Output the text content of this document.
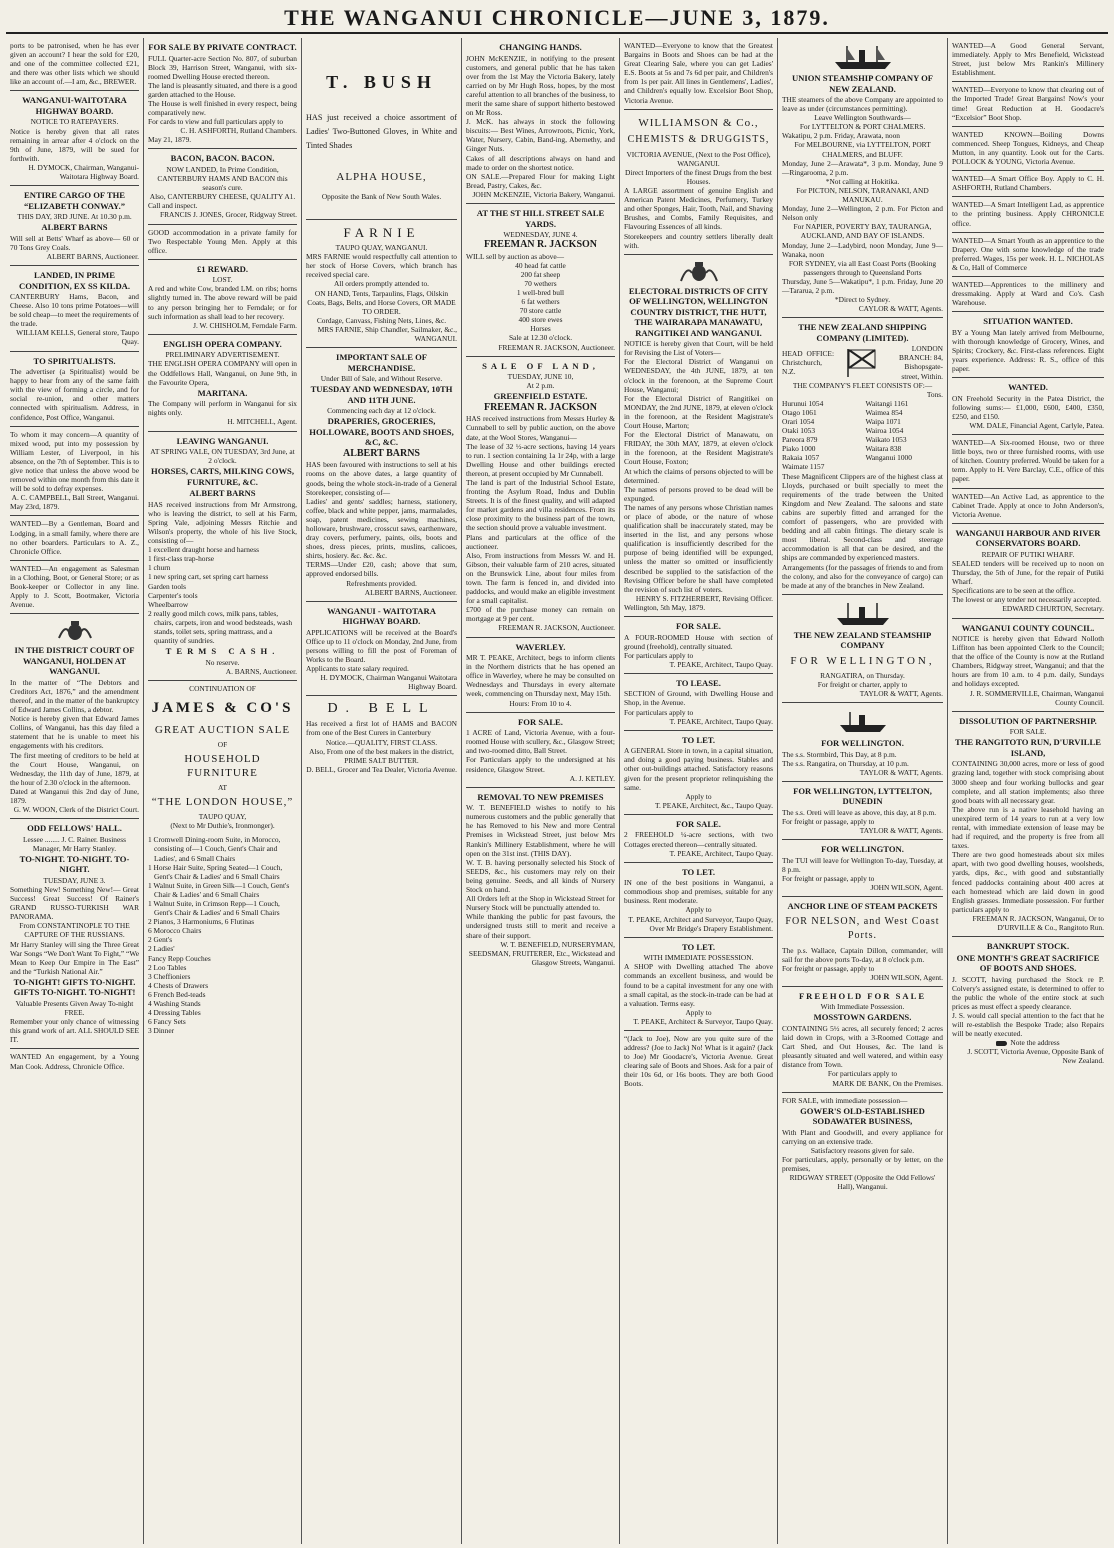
THE WANGANUI CHRONICLE—JUNE 3, 1879.

ports to be patronised, when he has ever given an account? I hear the sold for £20, and one of the committee collected £21, and there was other lists which we should like an account of.—I am, &c., BREWER.

WANGANUI-WAITOTARA HIGHWAY BOARD.
NOTICE TO RATEPAYERS.

Notice is hereby given that all rates remaining in arrear after 4 o'clock on the 9th of June, 1879, will be sued for forthwith.

H. DYMOCK, Chairman, Wanganui-Waitotara Highway Board.

ENTIRE CARGO OF THE “ELIZABETH CONWAY.”
THIS DAY, 3RD JUNE. At 10.30 p.m.
ALBERT BARNS

Will sell at Betts' Wharf as above— 60 or 70 Tons Grey Coals.

ALBERT BARNS, Auctioneer.

LANDED, IN PRIME CONDITION, EX SS KILDA.

CANTERBURY Hams, Bacon, and Cheese. Also 10 tons prime Potatoes—will be sold cheap—to meet the requirements of the trade.

WILLIAM KELLS, General store, Taupo Quay.

TO SPIRITUALISTS.

The advertiser (a Spiritualist) would be happy to hear from any of the same faith with the view of forming a circle, and for social re-union, and other matters connected with spiritualism. Address, in confidence, Post Office, Wanganui.

To whom it may concern—A quantity of mixed wood, put into my possession by William Lester, of Liverpool, in his absence, on the 7th of September. This is to give notice that unless the above wood be removed within one month from this date it will be sold to defray expenses.

A. C. CAMPBELL, Ball Street, Wanganui.

May 23rd, 1879.

WANTED—By a Gentleman, Board and Lodging, in a small family, where there are no other boarders. Particulars to A. Z., Chronicle Office.

WANTED—An engagement as Salesman in a Clothing, Boot, or General Store; or as Book-keeper or Collector in any line. Apply to J. Scott, Bootmaker, Victoria Avenue.

IN THE DISTRICT COURT OF WANGANUI, HOLDEN AT WANGANUI.

In the matter of “The Debtors and Creditors Act, 1876,” and the amendment thereof, and in the matter of the bankruptcy of Edward James Collins, a debtor.

Notice is hereby given that Edward James Collins, of Wanganui, has this day filed a statement that he is unable to meet his engagements with his creditors.

The first meeting of creditors to be held at the Court House, Wanganui, on Wednesday, the 11th day of June, 1879, at the hour of 2.30 o'clock in the afternoon.

Dated at Wanganui this 2nd day of June, 1879.

G. W. WOON, Clerk of the District Court.

ODD FELLOWS' HALL.

Lessee ........ J. C. Rainer. Business Manager, Mr Harry Stanley.

TO-NIGHT. TO-NIGHT. TO-NIGHT.
TUESDAY, JUNE 3.

Something New! Something New!— Great Success! Great Success! Of Rainer's GRAND RUSSO-TURKISH WAR PANORAMA.

From CONSTANTINOPLE TO THE CAPTURE OF THE RUSSIANS.

Mr Harry Stanley will sing the Three Great War Songs “We Don't Want To Fight,” “We Mean to Keep Our Empire in The East” and the “Turkish National Air.”

TO-NIGHT! GIFTS TO-NIGHT. GIFTS TO-NIGHT. TO-NIGHT!

Valuable Presents Given Away To-night FREE.

Remember your only chance of witnessing this grand work of art. ALL SHOULD SEE IT.

WANTED An engagement, by a Young Man Cook. Address, Chronicle Office.

FOR SALE BY PRIVATE CONTRACT.

FULL Quarter-acre Section No. 807, of suburban Block 39, Harrison Street, Wanganui, with six-roomed Dwelling House erected thereon.

The land is pleasantly situated, and there is a good garden attached to the House.

The House is well finished in every respect, being comparatively new.

For cards to view and full particulars apply to

C. H. ASHFORTH, Rutland Chambers.

May 21, 1879.

BACON, BACON. BACON.

NOW LANDED, In Prime Condition, CANTERBURY HAMS AND BACON this season's cure.

Also, CANTERBURY CHEESE, QUALITY A1.

Call and inspect.

FRANCIS J. JONES, Grocer, Ridgway Street.

GOOD accommodation in a private family for Two Respectable Young Men. Apply at this office.

£1 REWARD.
LOST.

A red and white Cow, branded LM. on ribs; horns slightly turned in. The above reward will be paid to any person bringing her to Ferndale; or for such information as shall lead to her recovery.

J. W. CHISHOLM, Ferndale Farm.

ENGLISH OPERA COMPANY.
PRELIMINARY ADVERTISEMENT.

THE ENGLISH OPERA COMPANY will open in the Oddfellows Hall, Wanganui, on June 9th, in the Favourite Opera,

MARITANA.

The Company will perform in Wanganui for six nights only.

H. MITCHELL, Agent.

LEAVING WANGANUI.

AT SPRING VALE, ON TUESDAY, 3rd June, at 2 o'clock.

HORSES, CARTS, MILKING COWS, FURNITURE, &C.
ALBERT BARNS

HAS received instructions from Mr Armstrong, who is leaving the district, to sell at his Farm, Spring Vale, adjoining Messrs Ritchie and Wilson's property, the whole of his live Stock, consisting of—

1 excellent draught horse and harness

1 first-class trap-horse

1 churn

1 new spring cart, set spring cart harness

Garden tools

Carpenter's tools

Wheelbarrow

2 really good milch cows, milk pans, tables, chairs, carpets, iron and wood bedsteads, wash stands, toilet sets, spring mattrass, and a quantity of sundries.

TERMS CASH.

No reserve.

A. BARNS, Auctioneer.

CONTINUATION OF
JAMES & CO'S
GREAT AUCTION SALE
OF
HOUSEHOLD FURNITURE
AT
“THE LONDON HOUSE,”
TAUPO QUAY,
(Next to Mr Duthie's, Ironmonger).

1 Cromwell Dining-room Suite, in Morocco, consisting of—1 Couch, Gent's Chair and Ladies', and 6 Small Chairs

1 Horse Hair Suite, Spring Seated—1 Couch, Gent's Chair & Ladies' and 6 Small Chairs

1 Walnut Suite, in Green Silk—1 Couch, Gent's Chair & Ladies' and 6 Small Chairs

1 Walnut Suite, in Crimson Repp—1 Couch, Gent's Chair & Ladies' and 6 Small Chairs

2 Pianos, 3 Harmoniums, 6 Flutinas

6 Morocco Chairs

2 Gent's

2 Ladies'

Fancy Repp Couches

2 Loo Tables

3 Cheffioniers

4 Chests of Drawers

6 French Bed-teads

4 Washing Stands

4 Dressing Tables

6 Fancy Sets

3 Dinner

T. BUSH

HAS just received a choice assortment of Ladies' Two-Buttoned Gloves, in White and Tinted Shades

ALPHA HOUSE,

Opposite the Bank of New South Wales.

FARNIE
TAUPO QUAY, WANGANUI.

MRS FARNIE would respectfully call attention to her stock of Horse Covers, which branch has received special care.

All orders promptly attended to.

ON HAND, Tents, Tarpaulins, Flags, Oilskin Coats, Bags, Belts, and Horse Covers, OR MADE TO ORDER.

Cordage, Canvass, Fishing Nets, Lines, &c.

MRS FARNIE, Ship Chandler, Sailmaker, &c., WANGANUI.

IMPORTANT SALE OF MERCHANDISE.

Under Bill of Sale, and Without Reserve.

TUESDAY AND WEDNESDAY, 10TH AND 11TH JUNE.

Commencing each day at 12 o'clock.

DRAPERIES, GROCERIES, HOLLOWARE, BOOTS AND SHOES, &C, &C.
ALBERT BARNS

HAS been favoured with instructions to sell at his rooms on the above dates, a large quantity of goods, being the whole stock-in-trade of a General Storekeeper, consisting of—

Ladies' and gents' saddles; harness, stationery, coffee, black and white pepper, jams, marmalades, soap, patent medicines, sewing machines, holloware, brushware, crosscut saws, earthenware, dray covers, perfumery, paints, oils, boots and shoes, dress pieces, prints, muslins, calicoes, shirts, hosiery. &c. &c. &c.

TERMS—Under £20, cash; above that sum, approved endorsed bills.

Refreshments provided.

ALBERT BARNS, Auctioneer.

WANGANUI - WAITOTARA HIGHWAY BOARD.

APPLICATIONS will be received at the Board's Office up to 11 o'clock on Monday, 2nd June, from persons willing to fill the post of Foreman of Works to the Board.

Applicants to state salary required.

H. DYMOCK, Chairman Wanganui Waitotara Highway Board.

D. BELL

Has received a first lot of HAMS and BACON from one of the Best Curers in Canterbury

Notice.—QUALITY, FIRST CLASS.

Also, From one of the best makers in the district, PRIME SALT BUTTER.

D. BELL, Grocer and Tea Dealer, Victoria Avenue.

CHANGING HANDS.

JOHN McKENZIE, in notifying to the present customers, and general public that he has taken over from the 1st May the Victoria Bakery, lately carried on by Mr Hugh Ross, hopes, by the most careful attention to all branches of the business, to merit the same share of support hitherto bestowed on Mr Ross.

J. McK. has always in stock the following biscuits:— Best Wines, Arrowroots, Picnic, York, Water, Nursery, Cabin, Band-ing, Abernethy, and Ginger Nuts.

Cakes of all descriptions always on hand and made to order on the shortest notice.

ON SALE.—Prepared Flour for making Light Bread, Pastry, Cakes, &c.

JOHN McKENZIE, Victoria Bakery, Wanganui.

AT THE ST HILL STREET SALE YARDS.
WEDNESDAY, JUNE 4.
FREEMAN R. JACKSON

WILL sell by auction as above—

40 head fat cattle

200 fat sheep

70 wethers

1 well-bred bull

6 fat wethers

70 store cattle

400 store ewes

Horses

Sale at 12.30 o'clock.

FREEMAN R. JACKSON, Auctioneer.

SALE OF LAND,
TUESDAY, JUNE 10,
At 2 p.m.
GREENFIELD ESTATE.
FREEMAN R. JACKSON

HAS received instructions from Messrs Hurley & Cunnabell to sell by public auction, on the above date, at the Wool Stores, Wanganui—

The lease of 32 ½-acre sections, having 14 years to run. 1 section containing 1a 1r 24p, with a large Dwelling House and other buildings erected thereon, at present occupied by Mr Cunnabell.

The land is part of the Industrial School Estate, fronting the Asylum Road, Indus and Dublin Streets. It is of the finest quality, and will adapted for market gardens and villa residences. From its close proximity to the business part of the town, the section should prove a valuable investment.

Plans and particulars at the office of the auctioneer.

Also, From instructions from Messrs W. and H. Gibson, their valuable farm of 210 acres, situated on the Brunswick Line, about four miles from town. The farm is fenced in, and divided into paddocks, and would make an eligible investment for a small capitalist.

£700 of the purchase money can remain on mortgage at 9 per cent.

FREEMAN R. JACKSON, Auctioneer.

WAVERLEY.

MR T. PEAKE, Architect, begs to inform clients in the Northern districts that he has opened an office in Waverley, where he may be consulted on Wednesdays and Thursdays in every alternate week, commencing on Thursday next, May 15th.

Hours: From 10 to 4.

FOR SALE.

1 ACRE of Land, Victoria Avenue, with a four-roomed House with scullery, &c., Glasgow Street; and two-roomed ditto, Ball Street.

For Particulars apply to the undersigned at his residence, Glasgow Street.

A. J. KETLEY.

REMOVAL TO NEW PREMISES

W. T. BENEFIELD wishes to notify to his numerous customers and the public generally that he has Removed to his New and more Central Premises in Wickstead Street, just below Mrs Rankin's Millinery Establishment, where he will open on the 31st inst. (THIS DAY).

W. T. B. having personally selected his Stock of SEEDS, &c., his customers may rely on their being genuine. Seeds, and all kinds of Nursery Stock on hand.

All Orders left at the Shop in Wickstead Street for Nursery Stock will be punctually attended to.

While thanking the public for past favours, the undersigned trusts still to merit and receive a share of their support.

W. T. BENEFIELD, NURSERYMAN, SEEDSMAN, FRUITERER, Etc., Wickstead and Glasgow Streets, Wanganui.

WANTED—Everyone to know that the Greatest Bargains in Boots and Shoes can be had at the Great Clearing Sale, where you can get Ladies' E.S. Boots at 5s and 7s 6d per pair, and Children's from 1s per pair. All lines in Gentlemens', Ladies', and Children's equally low. Excelsior Boot Shop, Victoria Avenue.

WILLIAMSON & Co.,
CHEMISTS & DRUGGISTS,

VICTORIA AVENUE, (Next to the Post Office), WANGANUI.

Direct Importers of the finest Drugs from the best Houses.

A LARGE assortment of genuine English and American Patent Medicines, Perfumery, Turkey and other Sponges, Hair, Tooth, Nail, and Shaving Brushes, and Combs, Family Requisites, and Flavouring Essences of all kinds.

Storekeepers and country settlers liberally dealt with.

ELECTORAL DISTRICTS OF CITY OF WELLINGTON, WELLINGTON COUNTRY DISTRICT, THE HUTT, THE WAIRARAPA MANAWATU, RANGITIKEI AND WANGANUI.

NOTICE is hereby given that Court, will be held for Revising the List of Voters—

For the Electoral District of Wanganui on WEDNESDAY, the 4th JUNE, 1879, at ten o'clock in the forenoon, at the Supreme Court House, Wanganui;

For the Electoral District of Rangitikei on MONDAY, the 2nd JUNE, 1879, at eleven o'clock in the forenoon, at the Resident Magistrate's Court House, Marton;

For the Electoral District of Manawatu, on FRIDAY, the 30th MAY, 1879, at eleven o'clock in the forenoon, at the Resident Magistrate's Court House, Foxton;

At which the claims of persons objected to will be determined.

The names of persons proved to be dead will be expunged.

The names of any persons whose Christian names or place of abode, or the nature of whose qualification shall be inaccurately stated, may be inserted in the list, and any persons whose qualification is insufficiently described for the purpose of being identified will be expunged, unless the matter so omitted or insufficiently described be supplied to the satisfaction of the Revising Officer before he shall have completed the revision of such list of voters.

HENRY S. FITZHERBERT, Revising Officer.

Wellington, 5th May, 1879.

FOR SALE.

A FOUR-ROOMED House with section of ground (freehold), centrally situated.

For particulars apply to

T. PEAKE, Architect, Taupo Quay.

TO LEASE.

SECTION of Ground, with Dwelling House and Shop, in the Avenue.

For particulars apply to

T. PEAKE, Architect, Taupo Quay.

TO LET.

A GENERAL Store in town, in a capital situation, and doing a good paying business. Stables and other out-buildings attached. Satisfactory reasons given for the present proprietor relinquishing the same.

Apply to

T. PEAKE, Architect, &c., Taupo Quay.

FOR SALE.

2 FREEHOLD ¼-acre sections, with two Cottages erected thereon—centrally situated.

T. PEAKE, Architect, Taupo Quay.

TO LET.

IN one of the best positions in Wanganui, a commodious shop and premises, suitable for any business. Rent moderate.

Apply to

T. PEAKE, Architect and Surveyor, Taupo Quay, Over Mr Bridge's Drapery Establishment.

TO LET.
WITH IMMEDIATE POSSESSION.

A SHOP with Dwelling attached The above commands an excellent business, and would be found to be a capital investment for any one with a small capital, as the stock-in-trade can be had at a valuation. Terms easy.

Apply to

T. PEAKE, Architect & Surveyor, Taupo Quay.

“(Jack to Joe), Now are you quite sure of the address? (Joe to Jack) No! What is it again? (Jack to Joe) Mr Goodacre's, Victoria Avenue. Great clearing sale of Boots and Shoes. Ask for a pair of their 10s 6d, or 16s boots. They are both Good Boots.

UNION STEAMSHIP COMPANY OF NEW ZEALAND.

THE steamers of the above Company are appointed to leave as under (circumstances permitting).

Leave Wellington Southwards—

For LYTTELTON & PORT CHALMERS.

Wakatipu, 2 p.m. Friday, Arawata, noon

For MELBOURNE, via LYTTELTON, PORT CHALMERS, and BLUFF.

Monday, June 2—Arawata*, 3 p.m. Monday, June 9—Ringarooma, 2 p.m.

*Not calling at Hokitika.

For PICTON, NELSON, TARANAKI, AND MANUKAU.

Monday, June 2—Wellington, 2 p.m. For Picton and Nelson only

For NAPIER, POVERTY BAY, TAURANGA, AUCKLAND, AND BAY OF ISLANDS.

Monday, June 2—Ladybird, noon Monday, June 9—Wanaka, noon

FOR SYDNEY, via all East Coast Ports (Booking passengers through to Queensland Ports

Thursday, June 5—Wakatipu*, 1 p.m. Friday, June 20—Tararua, 2 p.m.

*Direct to Sydney.

CAYLOR & WATT, Agents.

THE NEW ZEALAND SHIPPING COMPANY (LIMITED).

HEAD OFFICE: Christchurch, N.Z.

LONDON BRANCH: 84, Bishopsgate-street, Within.

THE COMPANY'S FLEET CONSISTS OF:—

Tons.

Hurunui 1054	Waitangi 1161
Otago 1061	Waimea 854
Orari 1054	Waipa 1071
Otaki 1053	Wairoa 1054
Pareora 879	Waikato 1053
Piako 1000	Waitara 838
Rakaia 1057	Wanganui 1000
Waimate 1157

These Magnificent Clippers are of the highest class at Lloyds, purchased or built specially to meet the requirements of the trade between the United Kingdom and New Zealand. The saloons and state cabins are superbly fitted and arranged for the comfort of passengers, who are provided with bedding and all cabin fittings. The dietary scale is most liberal. Second-class and steerage accommodation is all that can be desired, and the ships are commanded by experienced masters.

Arrangements (for the passages of friends to and from the colony, and also for the conveyance of cargo) can be made at any of the branches in New Zealand.

THE NEW ZEALAND STEAMSHIP COMPANY
FOR WELLINGTON,

RANGATIRA, on Thursday.

For freight or charter, apply to

TAYLOR & WATT, Agents.

FOR WELLINGTON.

The s.s. Stormbird, This Day, at 8 p.m.

The s.s. Rangatira, on Thursday, at 10 p.m.

TAYLOR & WATT, Agents.

FOR WELLINGTON, LYTTELTON, DUNEDIN

The s.s. Oreti will leave as above, this day, at 8 p.m.

For freight or passage, apply to

TAYLOR & WATT, Agents.

FOR WELLINGTON.

The TUI will leave for Wellington To-day, Tuesday, at 8 p.m.

For freight or passage, apply to

JOHN WILSON, Agent.

ANCHOR LINE OF STEAM PACKETS
FOR NELSON, and West Coast Ports.

The p.s. Wallace, Captain Dillon, commander, will sail for the above ports To-day, at 8 o'clock p.m.

For freight or passage, apply to

JOHN WILSON, Agent.

FREEHOLD FOR SALE
With Immediate Possession.
MOSSTOWN GARDENS.

CONTAINING 5½ acres, all securely fenced; 2 acres laid down in Crops, with a 3-Roomed Cottage and Cart Shed, and Out Houses, &c. The land is pleasantly situated and well watered, and within easy distance from Town.

For particulars apply to

MARK DE BANK, On the Premises.

FOR SALE, with immediate possession—

GOWER'S OLD-ESTABLISHED SODAWATER BUSINESS,

With Plant and Goodwill, and every appliance for carrying on an extensive trade.

Satisfactory reasons given for sale.

For particulars, apply, personally or by letter, on the premises,

RIDGWAY STREET (Opposite the Odd Fellows' Hall), Wanganui.

WANTED—A Good General Servant, immediately. Apply to Mrs Benefield, Wickstead Street, just below Mrs Rankin's Millinery Establishment.

WANTED—Everyone to know that clearing out of the Imported Trade! Great Bargains! Now's your time! Great Reduction at H. Goodacre's “Excelsior” Boot Shop.

WANTED KNOWN—Boiling Downs commenced. Sheep Tongues, Kidneys, and Cheap Mutton, in any quantity. Look out for the Carts. POLLOCK & YOUNG, Victoria Avenue.

WANTED—A Smart Office Boy. Apply to C. H. ASHFORTH, Rutland Chambers.

WANTED—A Smart Intelligent Lad, as apprentice to the printing business. Apply CHRONICLE office.

WANTED—A Smart Youth as an apprentice to the Drapery. One with some knowledge of the trade preferred. Wages, 15s per week. H. L. NICHOLAS & Co, Hall of Commerce

WANTED—Apprentices to the millinery and dressmaking. Apply at Ward and Co's. Cash Warehouse.

SITUATION WANTED.

BY a Young Man lately arrived from Melbourne, with thorough knowledge of Grocery, Wines, and Spirits; Crockery, &c. First-class references. Eight years experience. Address: R. S., office of this paper.

WANTED.

ON Freehold Security in the Patea District, the following sums:— £1,000, £600, £400, £350, £250, and £150.

WM. DALE, Financial Agent, Carlyle, Patea.

WANTED—A Six-roomed House, two or three little boys, two or three furnished rooms, with use of kitchen. Country preferred. Would be taken for a term. Apply to H. Vere Barclay, C.E., office of this paper.

WANTED—An Active Lad, as apprentice to the Cabinet Trade. Apply at once to John Anderson's, Victoria Avenue.

WANGANUI HARBOUR AND RIVER CONSERVATORS BOARD.
REPAIR OF PUTIKI WHARF.

SEALED tenders will be received up to noon on Thursday, the 5th of June, for the repair of Putiki Wharf.

Specifications are to be seen at the office.

The lowest or any tender not necessarily accepted.

EDWARD CHURTON, Secretary.

WANGANUI COUNTY COUNCIL.

NOTICE is hereby given that Edward Nolloth Liffiton has been appointed Clerk to the Council; that the office of the County is now at the Rutland Chambers, Ridgway street, Wanganui; and that the hours are from 10 a.m. to 4 p.m. daily, Sundays and holidays excepted.

J. R. SOMMERVILLE, Chairman, Wanganui County Council.

DISSOLUTION OF PARTNERSHIP.
FOR SALE.
THE RANGITOTO RUN, D'URVILLE ISLAND,

CONTAINING 30,000 acres, more or less of good grazing land, together with stock comprising about 3000 sheep and four working bullocks and gear complete, and all station implements; also three good boats with all necessary gear.

The above run is a native leasehold having an unexpired term of 14 years to run at a very low rental, with immediate extension of lease may be had if required, and the property is free from all taxes.

There are two good homesteads about six miles apart, with two good dwelling houses, woolsheds, yards, dips, &c., with good and substantially fenced paddocks containing about 400 acres at each homestead which are laid down in good English grasses. Immediate possession. For further particulars apply to

FREEMAN R. JACKSON, Wanganui, Or to D'URVILLE & Co., Rangitoto Run.

BANKRUPT STOCK.
ONE MONTH'S GREAT SACRIFICE OF BOOTS AND SHOES.

J. SCOTT, having purchased the Stock re P. Colvery's assigned estate, is determined to offer to the public the whole of the entire stock at such prices as must effect a speedy clearance.

J. S. would call special attention to the fact that he will re-establish the Bespoke Trade; also Repairs will be neatly executed.

Note the address

J. SCOTT, Victoria Avenue, Opposite Bank of New Zealand.
